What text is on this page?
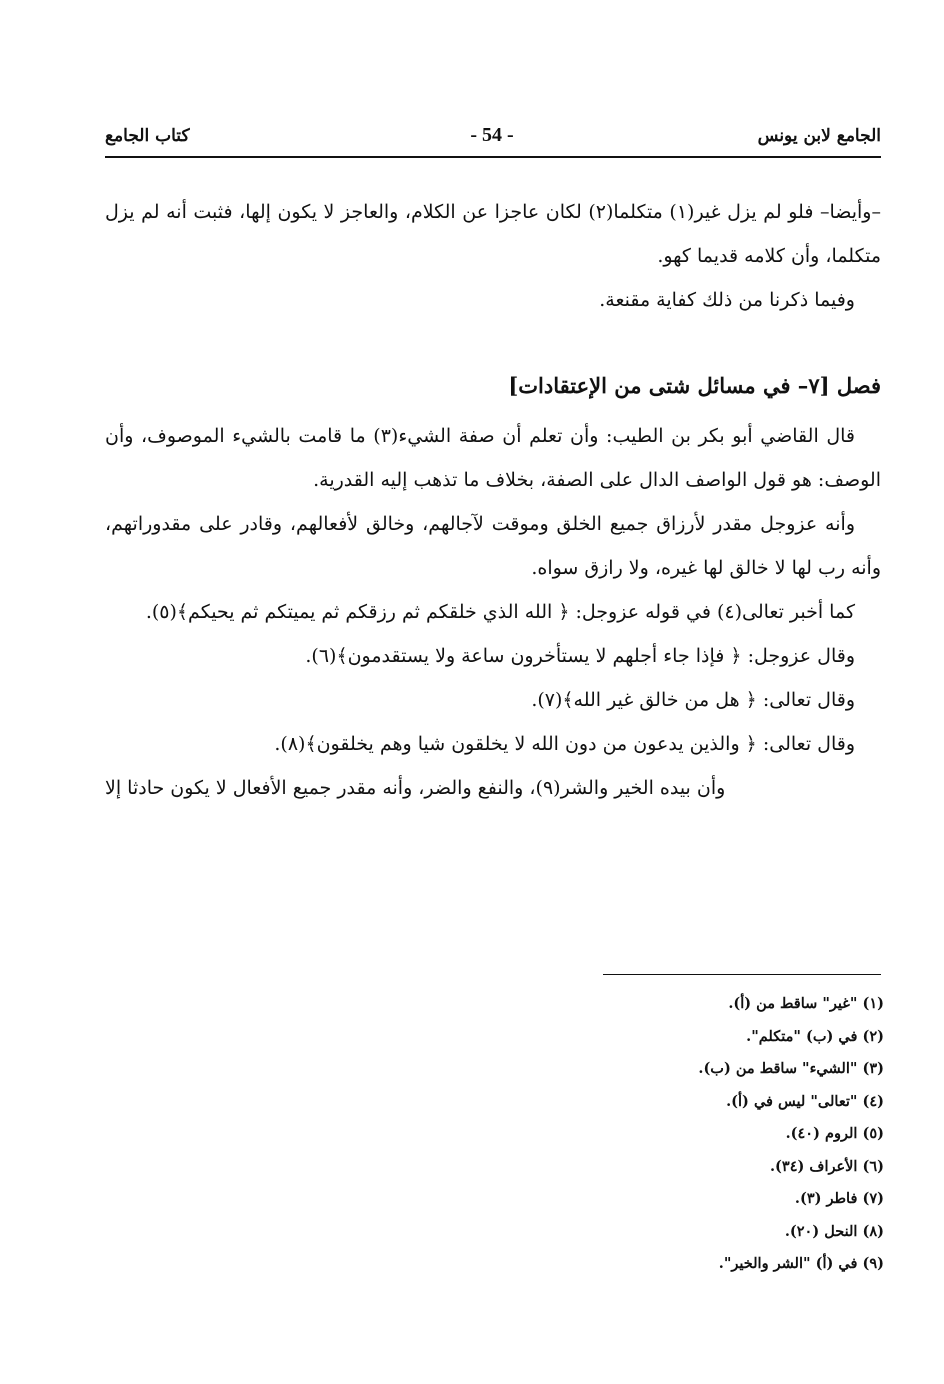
الجامع لابن يونس
- 54 -
كتاب الجامع

–وأيضا– فلو لم يزل غير(١) متكلما(٢) لكان عاجزا عن الكلام، والعاجز لا يكون إلها، فثبت أنه لم يزل متكلما، وأن كلامه قديما كهو.

وفيما ذكرنا من ذلك كفاية مقنعة.

فصل [٧– في مسائل شتى من الإعتقادات]

قال القاضي أبو بكر بن الطيب: وأن تعلم أن صفة الشيء(٣) ما قامت بالشيء الموصوف، وأن الوصف: هو قول الواصف الدال على الصفة، بخلاف ما تذهب إليه القدرية.

وأنه عزوجل مقدر لأرزاق جميع الخلق وموقت لآجالهم، وخالق لأفعالهم، وقادر على مقدوراتهم، وأنه رب لها لا خالق لها غيره، ولا رازق سواه.

كما أخبر تعالى(٤) في قوله عزوجل: ﴿ الله الذي خلقكم ثم رزقكم ثم يميتكم ثم يحيكم﴾(٥).

وقال عزوجل: ﴿ فإذا جاء أجلهم لا يستأخرون ساعة ولا يستقدمون﴾(٦).

وقال تعالى: ﴿ هل من خالق غير الله﴾(٧).

وقال تعالى: ﴿ والذين يدعون من دون الله لا يخلقون شيا وهم يخلقون﴾(٨).

وأن بيده الخير والشر(٩)، والنفع والضر، وأنه مقدر جميع الأفعال لا يكون حادثا إلا

(١) "غير" ساقط من (أ).

(٢) في (ب) "متكلم".

(٣) "الشيء" ساقط من (ب).

(٤) "تعالى" ليس في (أ).

(٥) الروم (٤٠).

(٦) الأعراف (٣٤).

(٧) فاطر (٣).

(٨) النحل (٢٠).

(٩) في (أ) "الشر والخير".
